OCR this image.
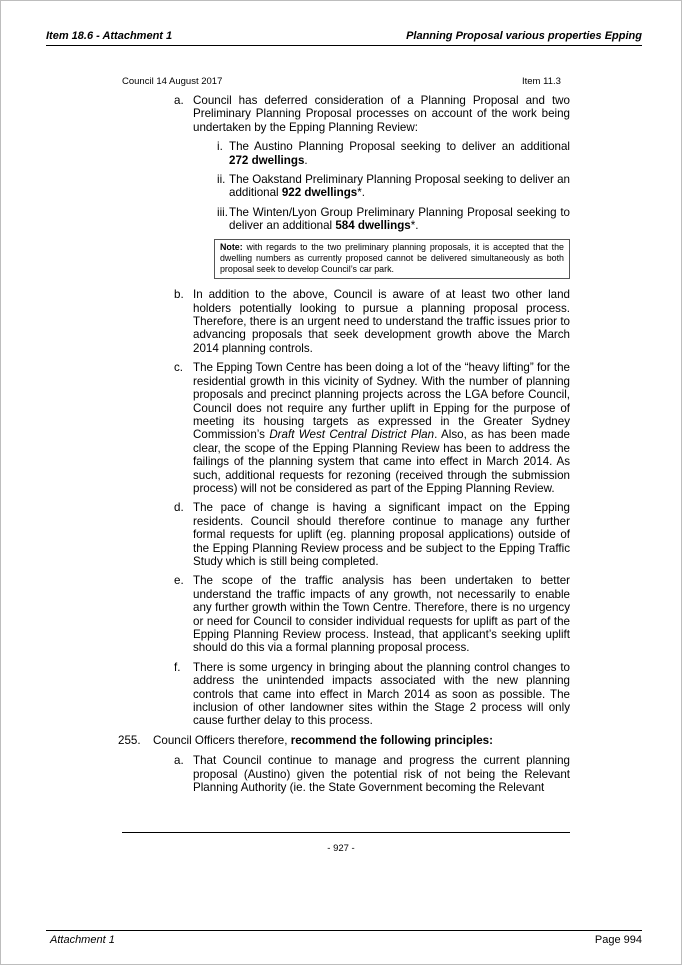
Item 18.6 - Attachment 1	Planning Proposal various properties Epping
Council 14 August 2017	Item 11.3
a. Council has deferred consideration of a Planning Proposal and two Preliminary Planning Proposal processes on account of the work being undertaken by the Epping Planning Review:
i. The Austino Planning Proposal seeking to deliver an additional 272 dwellings.
ii. The Oakstand Preliminary Planning Proposal seeking to deliver an additional 922 dwellings*.
iii. The Winten/Lyon Group Preliminary Planning Proposal seeking to deliver an additional 584 dwellings*.
Note: with regards to the two preliminary planning proposals, it is accepted that the dwelling numbers as currently proposed cannot be delivered simultaneously as both proposal seek to develop Council’s car park.
b. In addition to the above, Council is aware of at least two other land holders potentially looking to pursue a planning proposal process. Therefore, there is an urgent need to understand the traffic issues prior to advancing proposals that seek development growth above the March 2014 planning controls.
c. The Epping Town Centre has been doing a lot of the “heavy lifting” for the residential growth in this vicinity of Sydney. With the number of planning proposals and precinct planning projects across the LGA before Council, Council does not require any further uplift in Epping for the purpose of meeting its housing targets as expressed in the Greater Sydney Commission’s Draft West Central District Plan. Also, as has been made clear, the scope of the Epping Planning Review has been to address the failings of the planning system that came into effect in March 2014. As such, additional requests for rezoning (received through the submission process) will not be considered as part of the Epping Planning Review.
d. The pace of change is having a significant impact on the Epping residents. Council should therefore continue to manage any further formal requests for uplift (eg. planning proposal applications) outside of the Epping Planning Review process and be subject to the Epping Traffic Study which is still being completed.
e. The scope of the traffic analysis has been undertaken to better understand the traffic impacts of any growth, not necessarily to enable any further growth within the Town Centre. Therefore, there is no urgency or need for Council to consider individual requests for uplift as part of the Epping Planning Review process. Instead, that applicant’s seeking uplift should do this via a formal planning proposal process.
f. There is some urgency in bringing about the planning control changes to address the unintended impacts associated with the new planning controls that came into effect in March 2014 as soon as possible. The inclusion of other landowner sites within the Stage 2 process will only cause further delay to this process.
255. Council Officers therefore, recommend the following principles:
a. That Council continue to manage and progress the current planning proposal (Austino) given the potential risk of not being the Relevant Planning Authority (ie. the State Government becoming the Relevant
- 927 -
Attachment 1	Page 994
